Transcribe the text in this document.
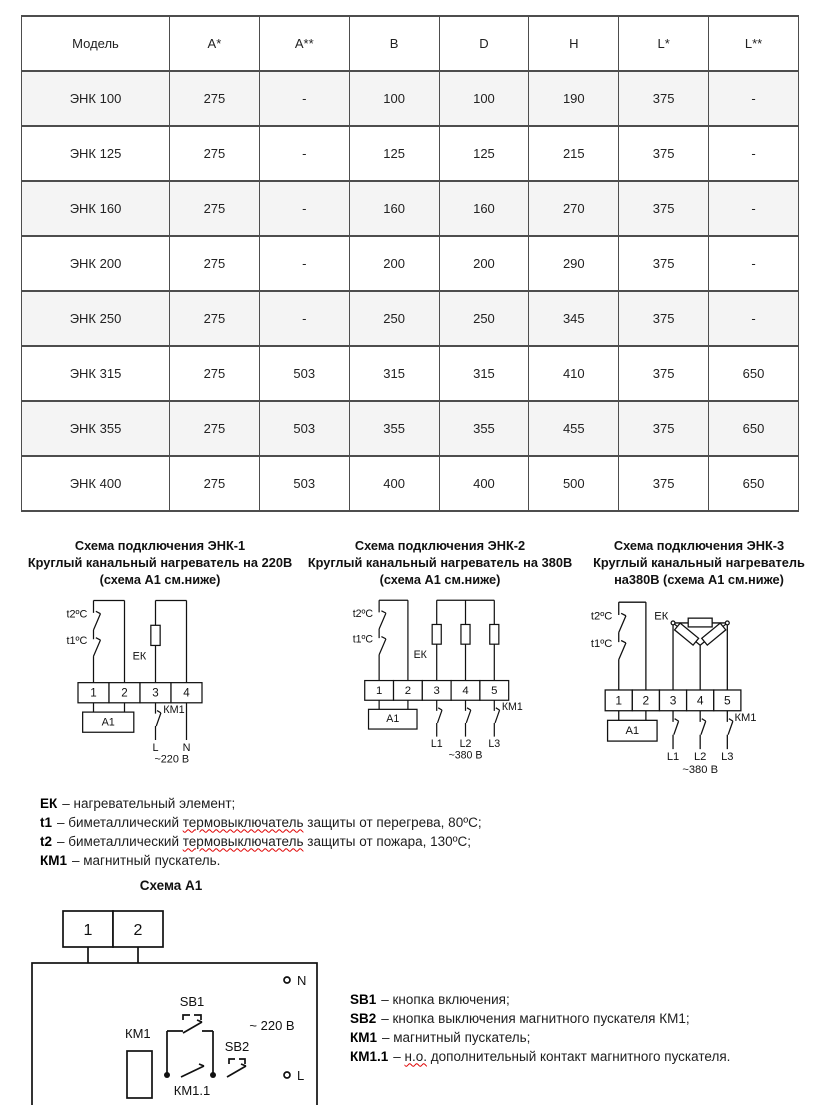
Модель	A*	A**	B	D	H	L*	L**
ЭНК 100	275	-	100	100	190	375	-
ЭНК 125	275	-	125	125	215	375	-
ЭНК 160	275	-	160	160	270	375	-
ЭНК 200	275	-	200	200	290	375	-
ЭНК 250	275	-	250	250	345	375	-
ЭНК 315	275	503	315	315	410	375	650
ЭНК 355	275	503	355	355	455	375	650
ЭНК 400	275	503	400	400	500	375	650
Схема подключения ЭНК-1
Круглый канальный нагреватель на 220В
(схема А1 см.ниже)
1 2 3 4
А1
t2ºC
t1ºC
ЕК
КМ1
L N
~220 В
Схема подключения ЭНК-2
Круглый канальный нагреватель на 380В
(схема А1 см.ниже)
1 2 3 4 5
А1
t2ºC
t1ºC
ЕК
КМ1
L1 L2 L3
~380 В
Схема подключения ЭНК-3
Круглый канальный нагреватель
на380В (схема А1 см.ниже)
1 2 3 4 5
А1
t2ºC
t1ºC
ЕК
КМ1
L1 L2 L3
~380 В
ЕК – нагревательный элемент;
t1 – биметаллический термовыключатель защиты от перегрева, 80ºС;
t2 – биметаллический термовыключатель защиты от пожара, 130ºС;
КМ1 – магнитный пускатель.
Схема А1
1	2
N
L
КМ1
SB1
SB2
КМ1.1
~ 220 В
SB1 – кнопка включения;
SB2 – кнопка выключения магнитного пускателя КМ1;
КМ1 – магнитный пускатель;
КМ1.1 – н.о. дополнительный контакт магнитного пускателя.
